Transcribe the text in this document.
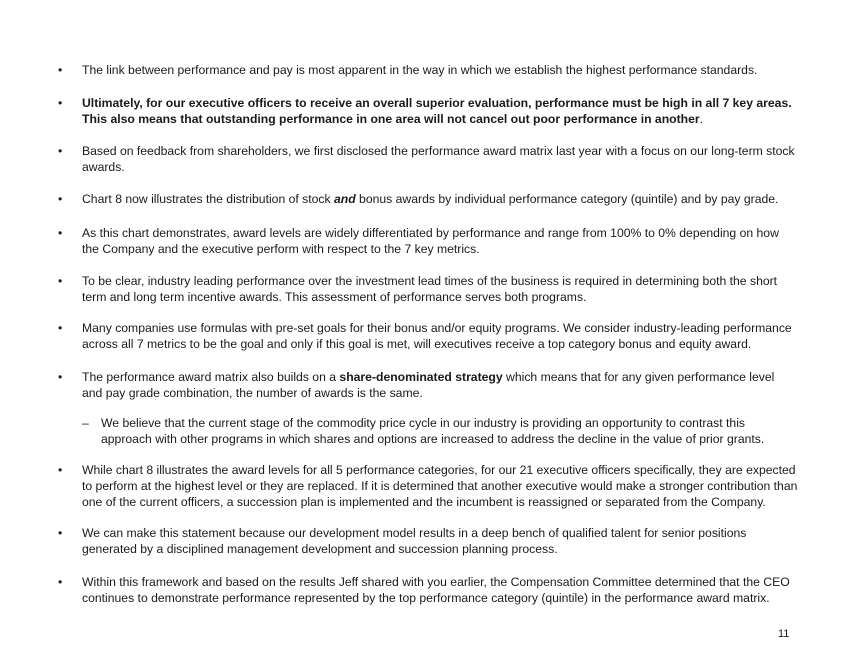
•	The link between performance and pay is most apparent in the way in which we establish the highest performance standards.
•	Ultimately, for our executive officers to receive an overall superior evaluation, performance must be high in all 7 key areas. This also means that outstanding performance in one area will not cancel out poor performance in another.
•	Based on feedback from shareholders, we first disclosed the performance award matrix last year with a focus on our long-term stock awards.
•	Chart 8 now illustrates the distribution of stock and bonus awards by individual performance category (quintile) and by pay grade.
•	As this chart demonstrates, award levels are widely differentiated by performance and range from 100% to 0% depending on how the Company and the executive perform with respect to the 7 key metrics.
•	To be clear, industry leading performance over the investment lead times of the business is required in determining both the short term and long term incentive awards. This assessment of performance serves both programs.
•	Many companies use formulas with pre-set goals for their bonus and/or equity programs. We consider industry-leading performance across all 7 metrics to be the goal and only if this goal is met, will executives receive a top category bonus and equity award.
•	The performance award matrix also builds on a share-denominated strategy which means that for any given performance level and pay grade combination, the number of awards is the same.
– We believe that the current stage of the commodity price cycle in our industry is providing an opportunity to contrast this approach with other programs in which shares and options are increased to address the decline in the value of prior grants.
•	While chart 8 illustrates the award levels for all 5 performance categories, for our 21 executive officers specifically, they are expected to perform at the highest level or they are replaced. If it is determined that another executive would make a stronger contribution than one of the current officers, a succession plan is implemented and the incumbent is reassigned or separated from the Company.
•	We can make this statement because our development model results in a deep bench of qualified talent for senior positions generated by a disciplined management development and succession planning process.
•	Within this framework and based on the results Jeff shared with you earlier, the Compensation Committee determined that the CEO continues to demonstrate performance represented by the top performance category (quintile) in the performance award matrix.
11
